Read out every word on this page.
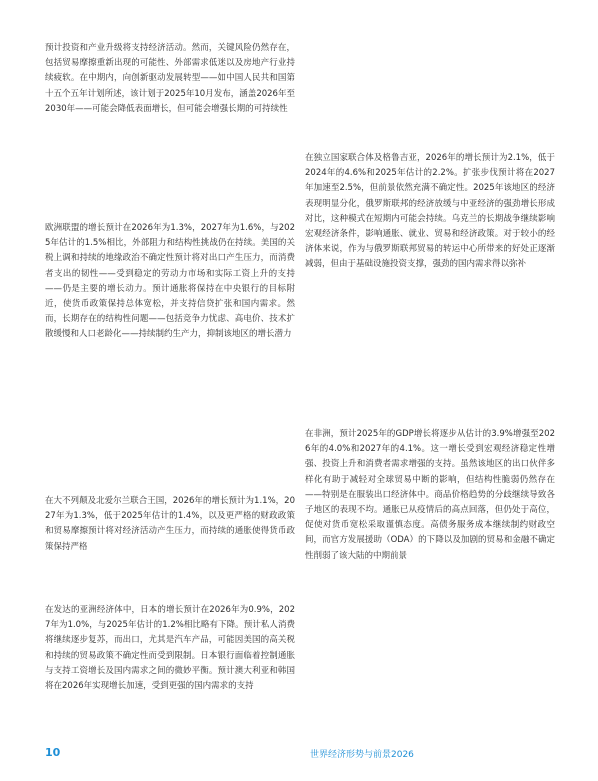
预计投资和产业升级将支持经济活动。然而，关键风险仍然存在，包括贸易摩擦重新出现的可能性、外部需求低迷以及房地产行业持续疲软。在中期内，向创新驱动发展转型——如中国人民共和国第十五个五年计划所述，该计划于2025年10月发布，涵盖2026年至2030年——可能会降低表面增长，但可能会增强长期的可持续性

欧洲联盟的增长预计在2026年为1.3%，2027年为1.6%，与2025年估计的1.5%相比，外部阻力和结构性挑战仍在持续。美国的关税上调和持续的地缘政治不确定性预计将对出口产生压力，而消费者支出的韧性——受到稳定的劳动力市场和实际工资上升的支持——仍是主要的增长动力。预计通胀将保持在中央银行的目标附近，使货币政策保持总体宽松，并支持信贷扩张和国内需求。然而，长期存在的结构性问题——包括竞争力忧虑、高电价、技术扩散缓慢和人口老龄化——持续制约生产力，抑制该地区的增长潜力

在大不列颠及北爱尔兰联合王国，2026年的增长预计为1.1%，2027年为1.3%，低于2025年估计的1.4%，以及更严格的财政政策和贸易摩擦预计将对经济活动产生压力，而持续的通胀使得货币政策保持严格

在发达的亚洲经济体中，日本的增长预计在2026年为0.9%，2027年为1.0%，与2025年估计的1.2%相比略有下降。预计私人消费将继续逐步复苏，而出口，尤其是汽车产品，可能因美国的高关税和持续的贸易政策不确定性而受到限制。日本银行面临着控制通胀与支持工资增长及国内需求之间的微妙平衡。预计澳大利亚和韩国将在2026年实现增长加速，受到更强的国内需求的支持

在独立国家联合体及格鲁吉亚，2026年的增长预计为2.1%，低于2024年的4.6%和2025年估计的2.2%。扩张步伐预计将在2027年加速至2.5%，但前景依然充满不确定性。2025年该地区的经济表现明显分化，俄罗斯联邦的经济放缓与中亚经济的强劲增长形成对比，这种模式在短期内可能会持续。乌克兰的长期战争继续影响宏观经济条件，影响通胀、就业、贸易和经济政策。对于较小的经济体来说，作为与俄罗斯联邦贸易的转运中心所带来的好处正逐渐减弱，但由于基础设施投资支撑，强劲的国内需求得以弥补

在非洲，预计2025年的GDP增长将逐步从估计的3.9%增强至2026年的4.0%和2027年的4.1%。这一增长受到宏观经济稳定性增强、投资上升和消费者需求增强的支持。虽然该地区的出口伙伴多样化有助于减轻对全球贸易中断的影响，但结构性脆弱仍然存在——特别是在服装出口经济体中。商品价格趋势的分歧继续导致各子地区的表现不均。通胀已从疫情后的高点回落，但仍处于高位，促使对货币宽松采取谨慎态度。高债务服务成本继续制约财政空间，而官方发展援助（ODA）的下降以及加剧的贸易和金融不确定性削弱了该大陆的中期前景

10	世界经济形势与前景2026
